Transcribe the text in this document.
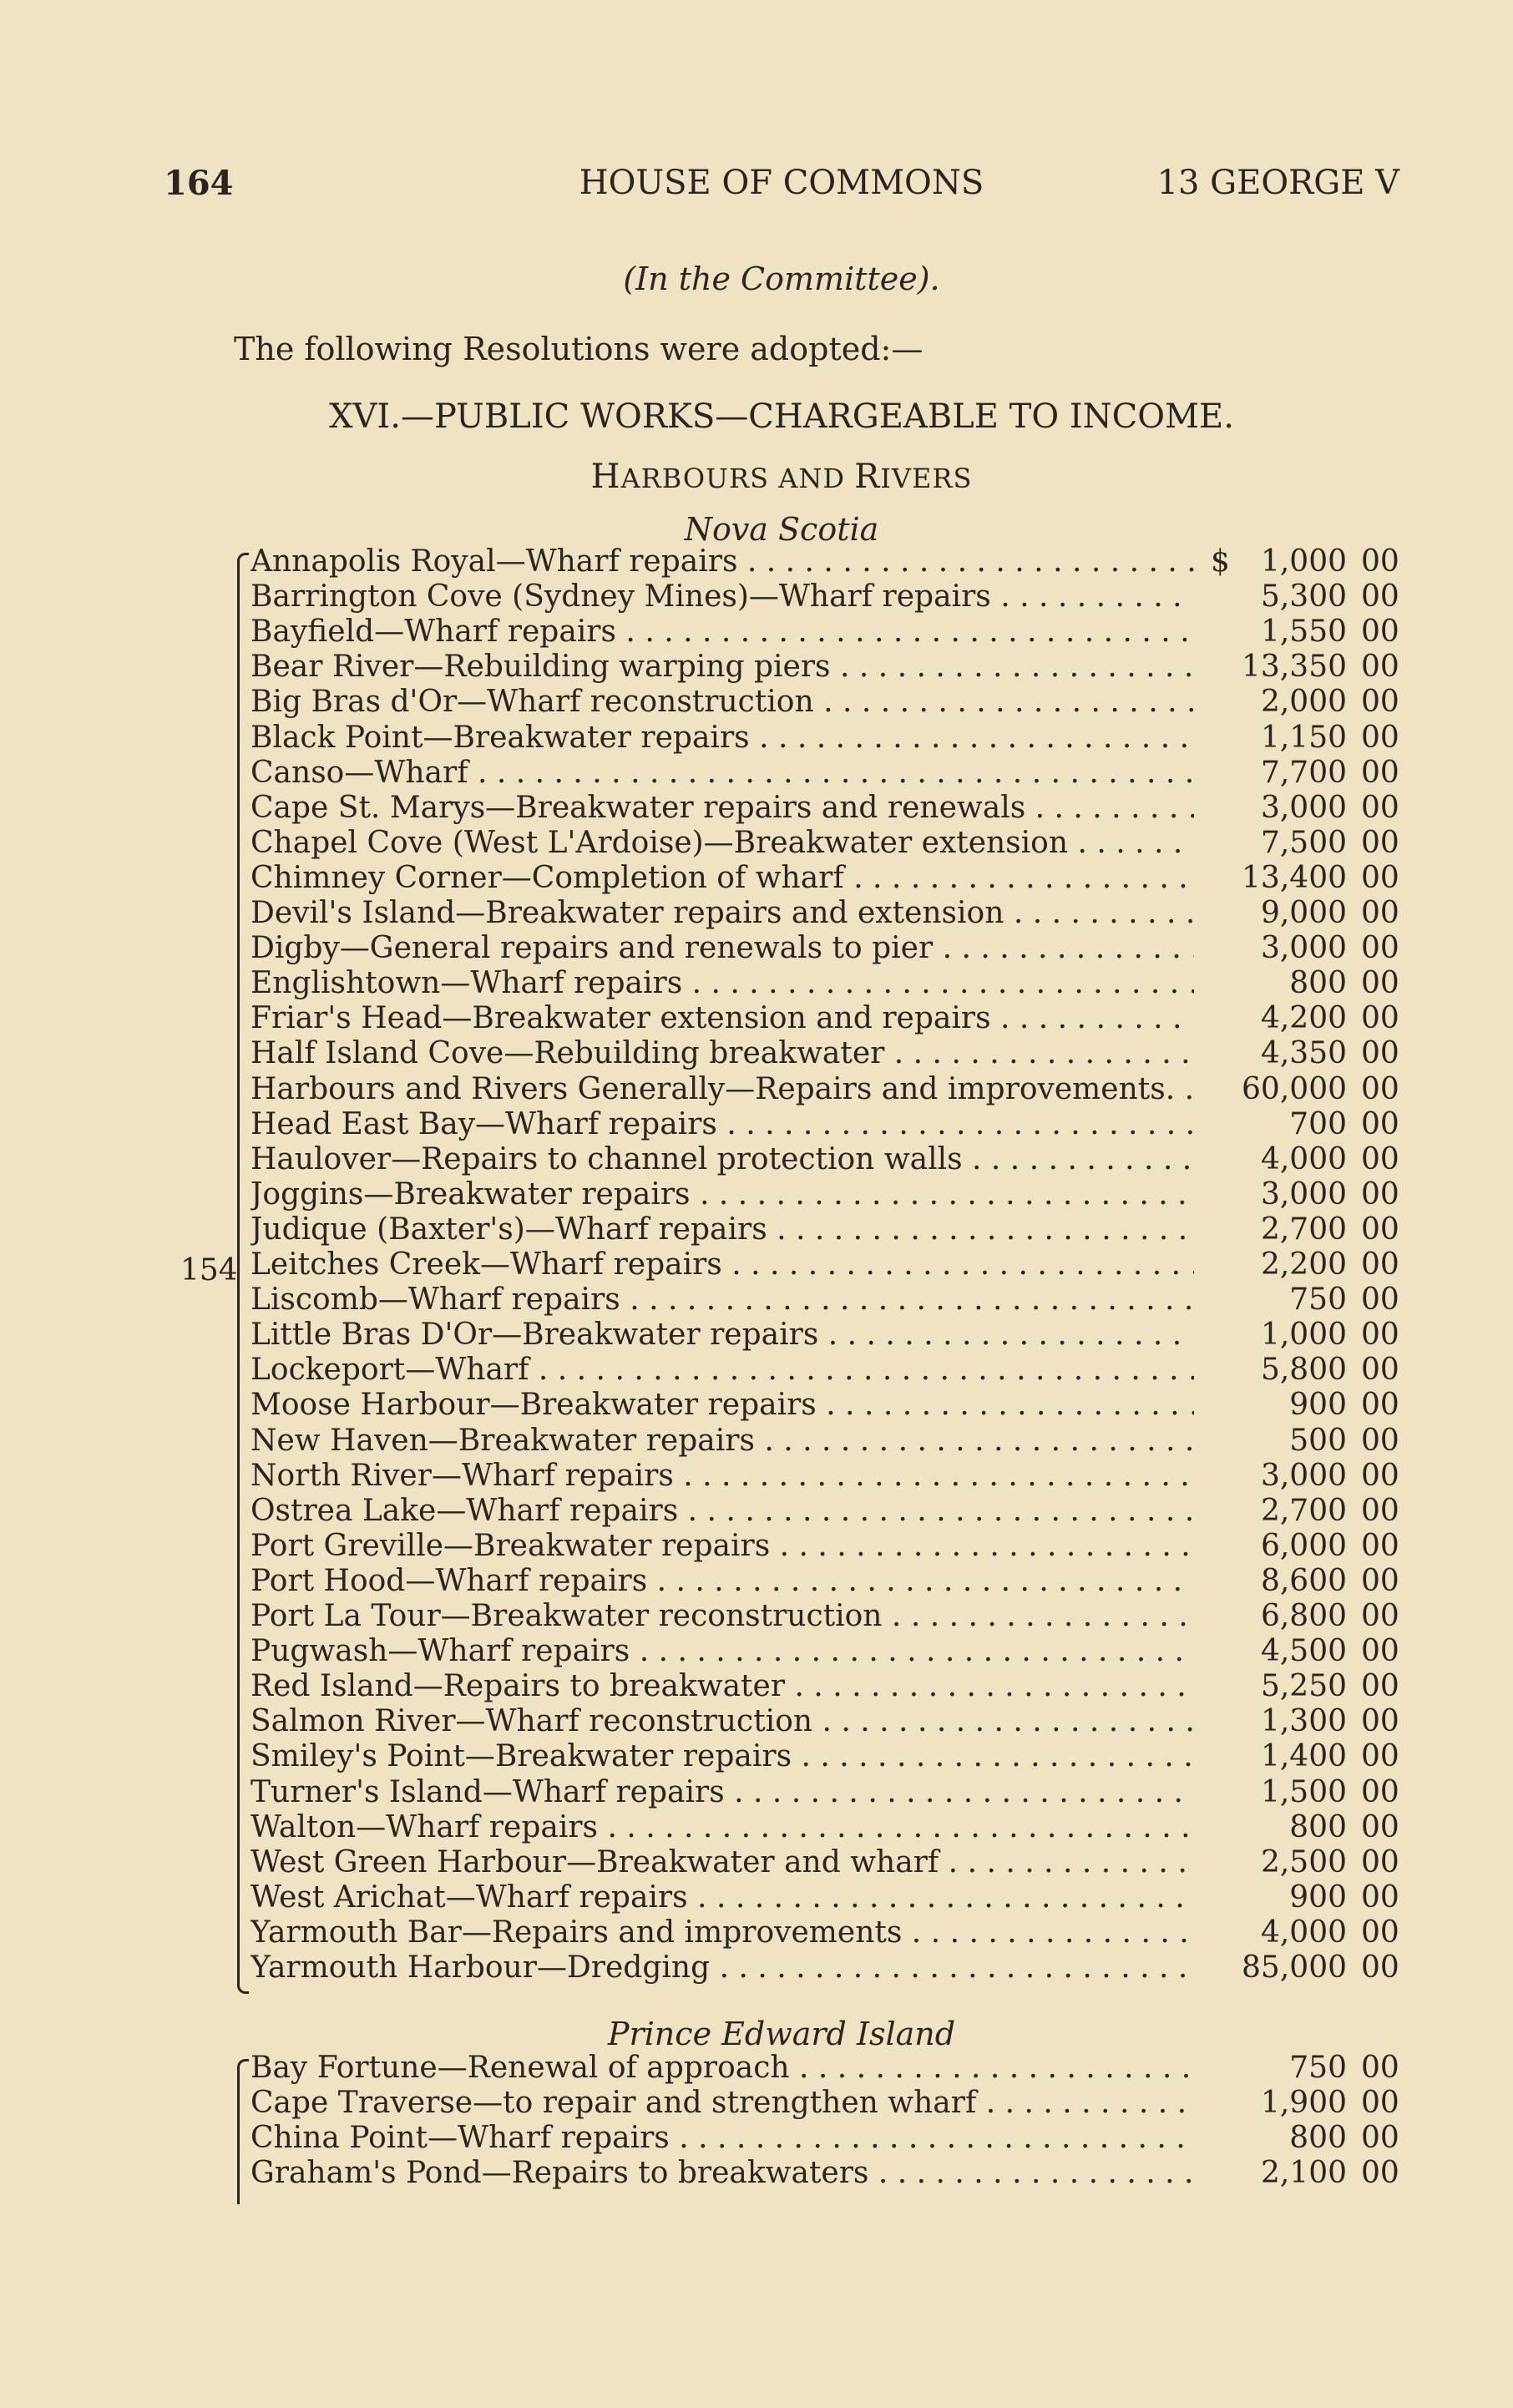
164	HOUSE OF COMMONS	13 GEORGE V
(In the Committee).
The following Resolutions were adopted:—
XVI.—PUBLIC WORKS—CHARGEABLE TO INCOME.
HARBOURS AND RIVERS
Nova Scotia
154
Annapolis Royal—Wharf repairs . . .	$	1,000 00
Barrington Cove (Sydney Mines)—Wharf repairs . . .	5,300 00
Bayfield—Wharf repairs . . .	1,550 00
Bear River—Rebuilding warping piers . . .	13,350 00
Big Bras d'Or—Wharf reconstruction . . .	2,000 00
Black Point—Breakwater repairs . . .	1,150 00
Canso—Wharf . . .	7,700 00
Cape St. Marys—Breakwater repairs and renewals . . .	3,000 00
Chapel Cove (West L'Ardoise)—Breakwater extension . . .	7,500 00
Chimney Corner—Completion of wharf . . .	13,400 00
Devil's Island—Breakwater repairs and extension . . .	9,000 00
Digby—General repairs and renewals to pier . . .	3,000 00
Englishtown—Wharf repairs . . .	800 00
Friar's Head—Breakwater extension and repairs . . .	4,200 00
Half Island Cove—Rebuilding breakwater . . .	4,350 00
Harbours and Rivers Generally—Repairs and improvements. . . .	60,000 00
Head East Bay—Wharf repairs . . .	700 00
Haulover—Repairs to channel protection walls . . .	4,000 00
Joggins—Breakwater repairs . . .	3,000 00
Judique (Baxter's)—Wharf repairs . . .	2,700 00
Leitches Creek—Wharf repairs . . .	2,200 00
Liscomb—Wharf repairs . . .	750 00
Little Bras D'Or—Breakwater repairs . . .	1,000 00
Lockeport—Wharf . . .	5,800 00
Moose Harbour—Breakwater repairs . . .	900 00
New Haven—Breakwater repairs . . .	500 00
North River—Wharf repairs . . .	3,000 00
Ostrea Lake—Wharf repairs . . .	2,700 00
Port Greville—Breakwater repairs . . .	6,000 00
Port Hood—Wharf repairs . . .	8,600 00
Port La Tour—Breakwater reconstruction . . .	6,800 00
Pugwash—Wharf repairs . . .	4,500 00
Red Island—Repairs to breakwater . . .	5,250 00
Salmon River—Wharf reconstruction . . .	1,300 00
Smiley's Point—Breakwater repairs . . .	1,400 00
Turner's Island—Wharf repairs . . .	1,500 00
Walton—Wharf repairs . . .	800 00
West Green Harbour—Breakwater and wharf . . .	2,500 00
West Arichat—Wharf repairs . . .	900 00
Yarmouth Bar—Repairs and improvements . . .	4,000 00
Yarmouth Harbour—Dredging . . .	85,000 00
Prince Edward Island
Bay Fortune—Renewal of approach . . .	750 00
Cape Traverse—to repair and strengthen wharf . . .	1,900 00
China Point—Wharf repairs . . .	800 00
Graham's Pond—Repairs to breakwaters . . .	2,100 00
